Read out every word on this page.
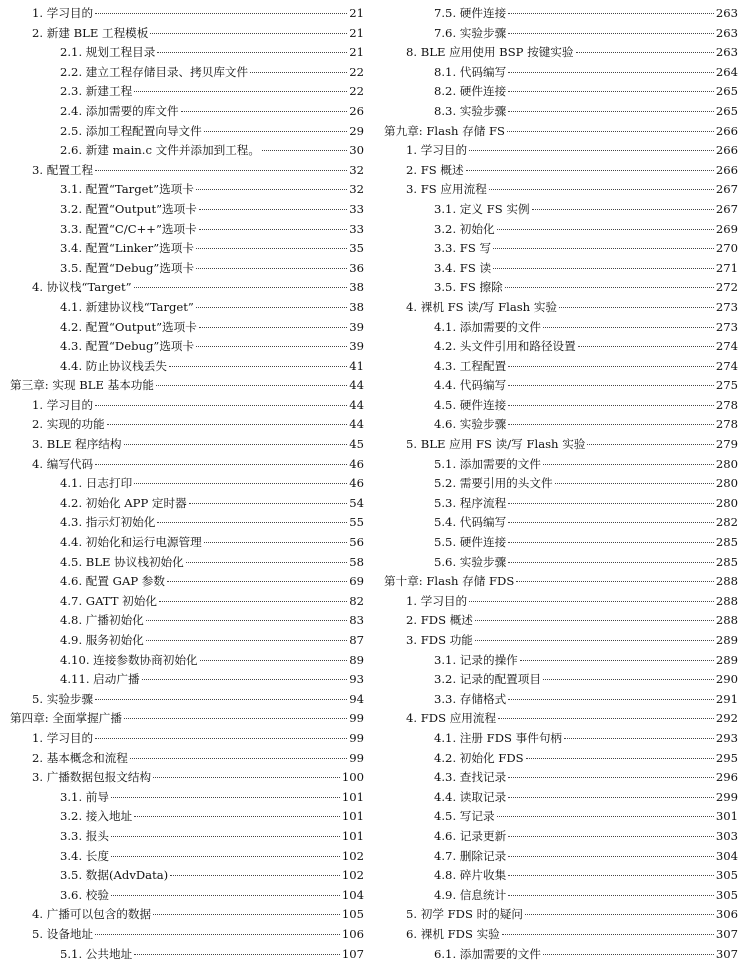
1. 学习目的	21
2. 新建 BLE 工程模板	21
2.1. 规划工程目录	21
2.2. 建立工程存储目录、拷贝库文件	22
2.3. 新建工程	22
2.4. 添加需要的库文件	26
2.5. 添加工程配置向导文件	29
2.6. 新建 main.c 文件并添加到工程。	30
3. 配置工程	32
3.1. 配置“Target”选项卡	32
3.2. 配置“Output”选项卡	33
3.3. 配置“C/C++”选项卡	33
3.4. 配置“Linker”选项卡	35
3.5. 配置“Debug”选项卡	36
4. 协议栈“Target”	38
4.1. 新建协议栈“Target”	38
4.2. 配置“Output”选项卡	39
4.3. 配置“Debug”选项卡	39
4.4. 防止协议栈丢失	41
第三章: 实现 BLE 基本功能	44
1. 学习目的	44
2. 实现的功能	44
3. BLE 程序结构	45
4. 编写代码	46
4.1. 日志打印	46
4.2. 初始化 APP 定时器	54
4.3. 指示灯初始化	55
4.4. 初始化和运行电源管理	56
4.5. BLE 协议栈初始化	58
4.6. 配置 GAP 参数	69
4.7. GATT 初始化	82
4.8. 广播初始化	83
4.9. 服务初始化	87
4.10. 连接参数协商初始化	89
4.11. 启动广播	93
5. 实验步骤	94
第四章: 全面掌握广播	99
1. 学习目的	99
2. 基本概念和流程	99
3. 广播数据包报文结构	100
3.1. 前导	101
3.2. 接入地址	101
3.3. 报头	101
3.4. 长度	102
3.5. 数据(AdvData)	102
3.6. 校验	104
4. 广播可以包含的数据	105
5. 设备地址	106
5.1. 公共地址	107
7.5. 硬件连接	263
7.6. 实验步骤	263
8. BLE 应用使用 BSP 按键实验	263
8.1. 代码编写	264
8.2. 硬件连接	265
8.3. 实验步骤	265
第九章: Flash 存储 FS	266
1. 学习目的	266
2. FS 概述	266
3. FS 应用流程	267
3.1. 定义 FS 实例	267
3.2. 初始化	269
3.3. FS 写	270
3.4. FS 读	271
3.5. FS 擦除	272
4. 裸机 FS 读/写 Flash 实验	273
4.1. 添加需要的文件	273
4.2. 头文件引用和路径设置	274
4.3. 工程配置	274
4.4. 代码编写	275
4.5. 硬件连接	278
4.6. 实验步骤	278
5. BLE 应用 FS 读/写 Flash 实验	279
5.1. 添加需要的文件	280
5.2. 需要引用的头文件	280
5.3. 程序流程	280
5.4. 代码编写	282
5.5. 硬件连接	285
5.6. 实验步骤	285
第十章: Flash 存储 FDS	288
1. 学习目的	288
2. FDS 概述	288
3. FDS 功能	289
3.1. 记录的操作	289
3.2. 记录的配置项目	290
3.3. 存储格式	291
4. FDS 应用流程	292
4.1. 注册 FDS 事件句柄	293
4.2. 初始化 FDS	295
4.3. 查找记录	296
4.4. 读取记录	299
4.5. 写记录	301
4.6. 记录更新	303
4.7. 删除记录	304
4.8. 碎片收集	305
4.9. 信息统计	305
5. 初学 FDS 时的疑问	306
6. 裸机 FDS 实验	307
6.1. 添加需要的文件	307
